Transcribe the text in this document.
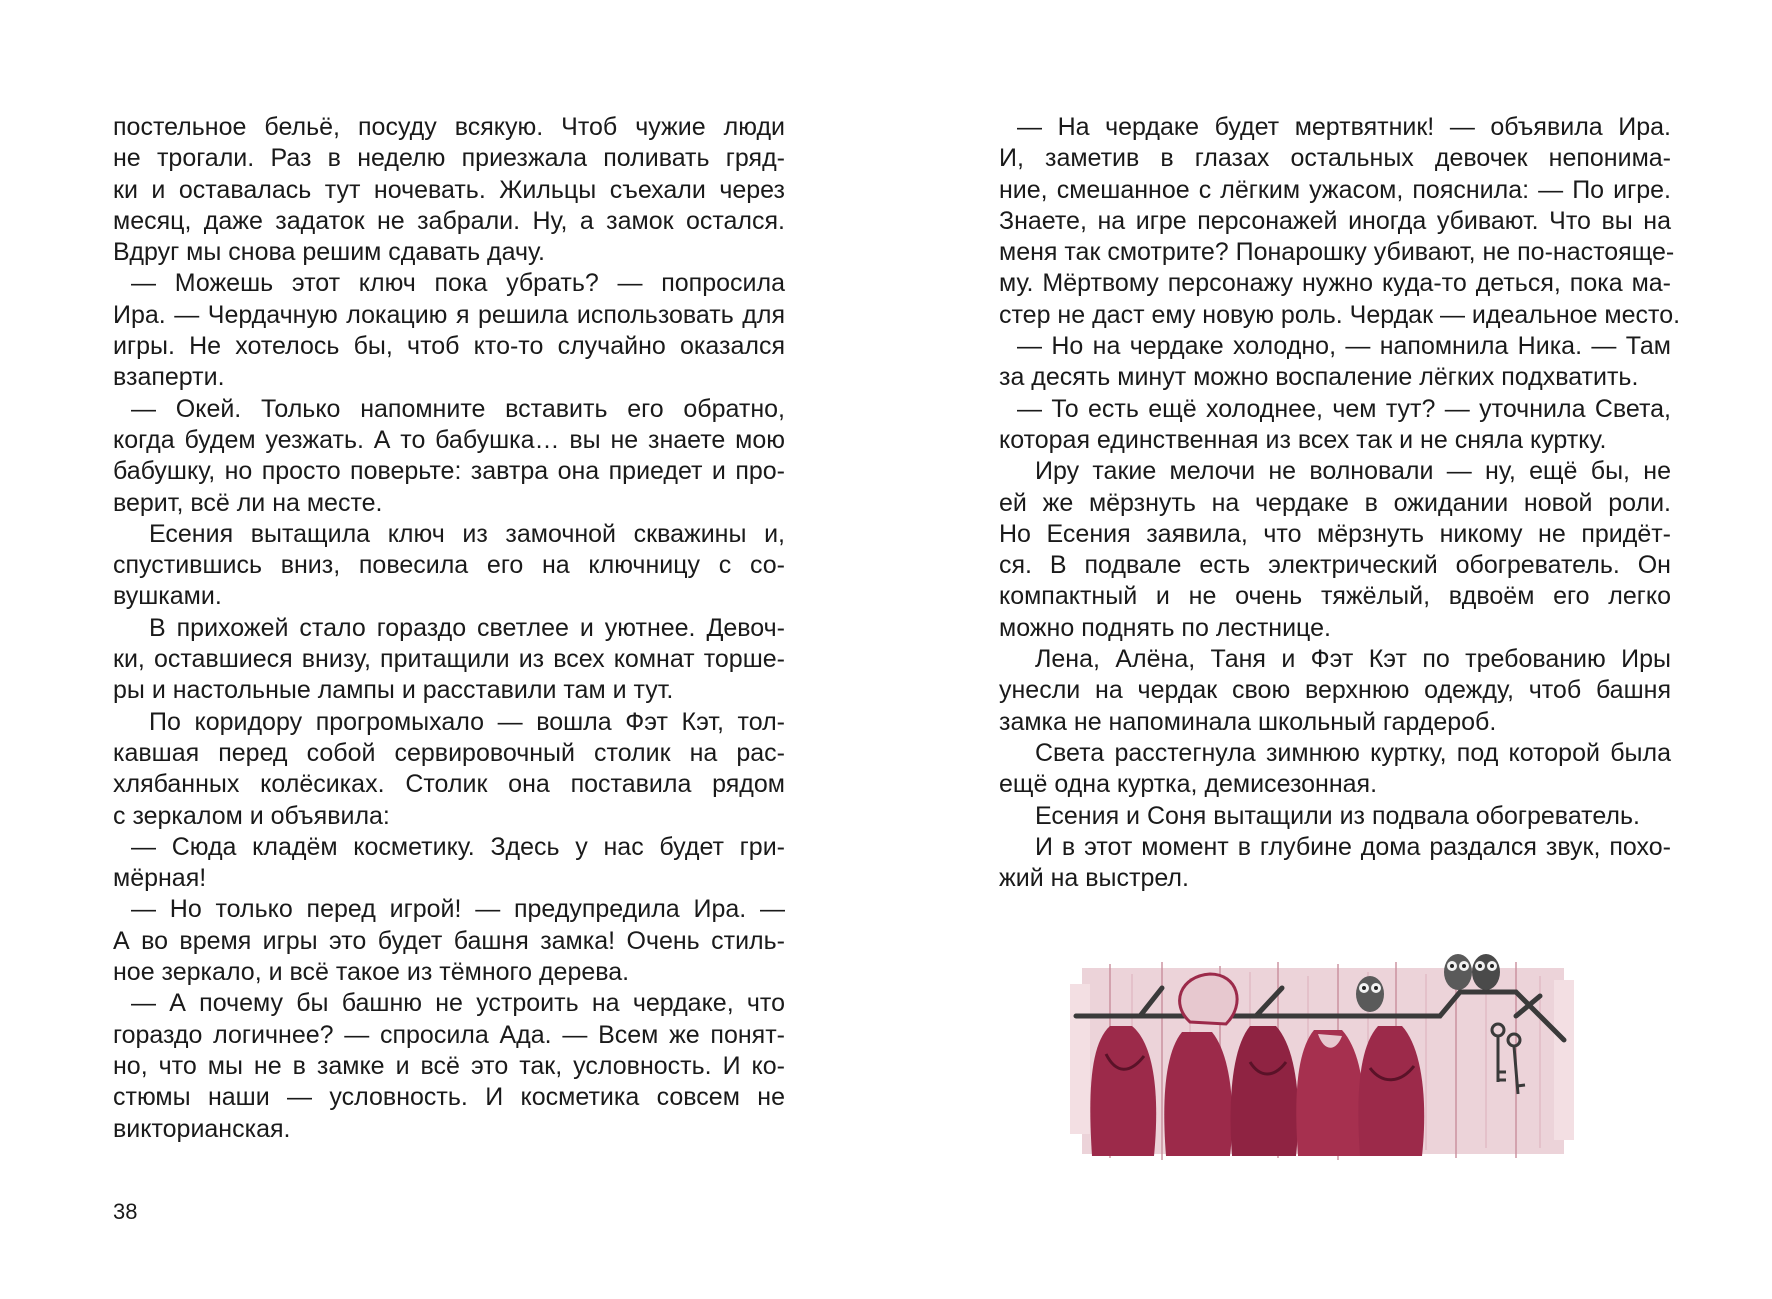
постельное бельё, посуду всякую. Чтоб чужие люди
не трогали. Раз в неделю приезжала поливать гряд-
ки и оставалась тут ночевать. Жильцы съехали через
месяц, даже задаток не забрали. Ну, а замок остался.
Вдруг мы снова решим сдавать дачу.
— Можешь этот ключ пока убрать? — попросила
Ира. — Чердачную локацию я решила использовать для
игры. Не хотелось бы, чтоб кто-то случайно оказался
взаперти.
— Окей. Только напомните вставить его обратно,
когда будем уезжать. А то бабушка… вы не знаете мою
бабушку, но просто поверьте: завтра она приедет и про-
верит, всё ли на месте.
Есения вытащила ключ из замочной скважины и,
спустившись вниз, повесила его на ключницу с со-
вушками.
В прихожей стало гораздо светлее и уютнее. Девоч-
ки, оставшиеся внизу, притащили из всех комнат торше-
ры и настольные лампы и расставили там и тут.
По коридору прогромыхало — вошла Фэт Кэт, тол-
кавшая перед собой сервировочный столик на рас-
хлябанных колёсиках. Столик она поставила рядом
с зеркалом и объявила:
— Сюда кладём косметику. Здесь у нас будет гри-
мёрная!
— Но только перед игрой! — предупредила Ира. —
А во время игры это будет башня замка! Очень стиль-
ное зеркало, и всё такое из тёмного дерева.
— А почему бы башню не устроить на чердаке, что
гораздо логичнее? — спросила Ада. — Всем же понят-
но, что мы не в замке и всё это так, условность. И ко-
стюмы наши — условность. И косметика совсем не
викторианская.
38
— На чердаке будет мертвятник! — объявила Ира.
И, заметив в глазах остальных девочек непонима-
ние, смешанное с лёгким ужасом, пояснила: — По игре.
Знаете, на игре персонажей иногда убивают. Что вы на
меня так смотрите? Понарошку убивают, не по-настояще-
му. Мёртвому персонажу нужно куда-то деться, пока ма-
стер не даст ему новую роль. Чердак — идеальное место.
— Но на чердаке холодно, — напомнила Ника. — Там
за десять минут можно воспаление лёгких подхватить.
— То есть ещё холоднее, чем тут? — уточнила Света,
которая единственная из всех так и не сняла куртку.
Иру такие мелочи не волновали — ну, ещё бы, не
ей же мёрзнуть на чердаке в ожидании новой роли.
Но Есения заявила, что мёрзнуть никому не придёт-
ся. В подвале есть электрический обогреватель. Он
компактный и не очень тяжёлый, вдвоём его легко
можно поднять по лестнице.
Лена, Алёна, Таня и Фэт Кэт по требованию Иры
унесли на чердак свою верхнюю одежду, чтоб башня
замка не напоминала школьный гардероб.
Света расстегнула зимнюю куртку, под которой была
ещё одна куртка, демисезонная.
Есения и Соня вытащили из подвала обогреватель.
И в этот момент в глубине дома раздался звук, похо-
жий на выстрел.
